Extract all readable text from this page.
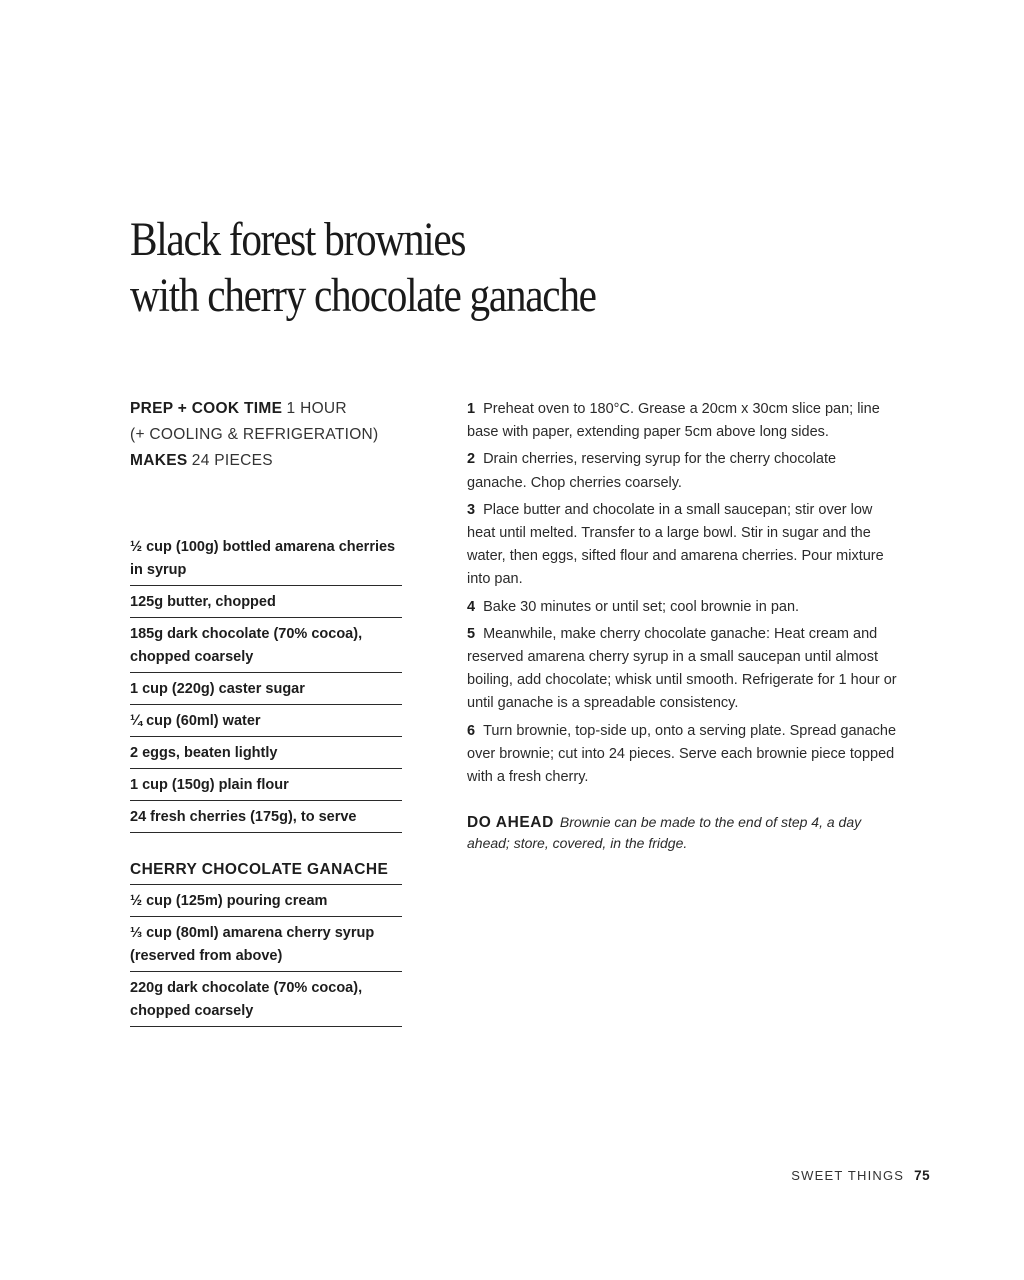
Black forest brownies
with cherry chocolate ganache
PREP + COOK TIME 1 HOUR
(+ COOLING & REFRIGERATION)
MAKES 24 PIECES
½ cup (100g) bottled amarena cherries in syrup
125g butter, chopped
185g dark chocolate (70% cocoa), chopped coarsely
1 cup (220g) caster sugar
¼ cup (60ml) water
2 eggs, beaten lightly
1 cup (150g) plain flour
24 fresh cherries (175g), to serve
CHERRY CHOCOLATE GANACHE
½ cup (125m) pouring cream
⅓ cup (80ml) amarena cherry syrup (reserved from above)
220g dark chocolate (70% cocoa), chopped coarsely
1 Preheat oven to 180°C. Grease a 20cm x 30cm slice pan; line base with paper, extending paper 5cm above long sides.
2 Drain cherries, reserving syrup for the cherry chocolate ganache. Chop cherries coarsely.
3 Place butter and chocolate in a small saucepan; stir over low heat until melted. Transfer to a large bowl. Stir in sugar and the water, then eggs, sifted flour and amarena cherries. Pour mixture into pan.
4 Bake 30 minutes or until set; cool brownie in pan.
5 Meanwhile, make cherry chocolate ganache: Heat cream and reserved amarena cherry syrup in a small saucepan until almost boiling, add chocolate; whisk until smooth. Refrigerate for 1 hour or until ganache is a spreadable consistency.
6 Turn brownie, top-side up, onto a serving plate. Spread ganache over brownie; cut into 24 pieces. Serve each brownie piece topped with a fresh cherry.
DO AHEAD Brownie can be made to the end of step 4, a day ahead; store, covered, in the fridge.
SWEET THINGS 75
